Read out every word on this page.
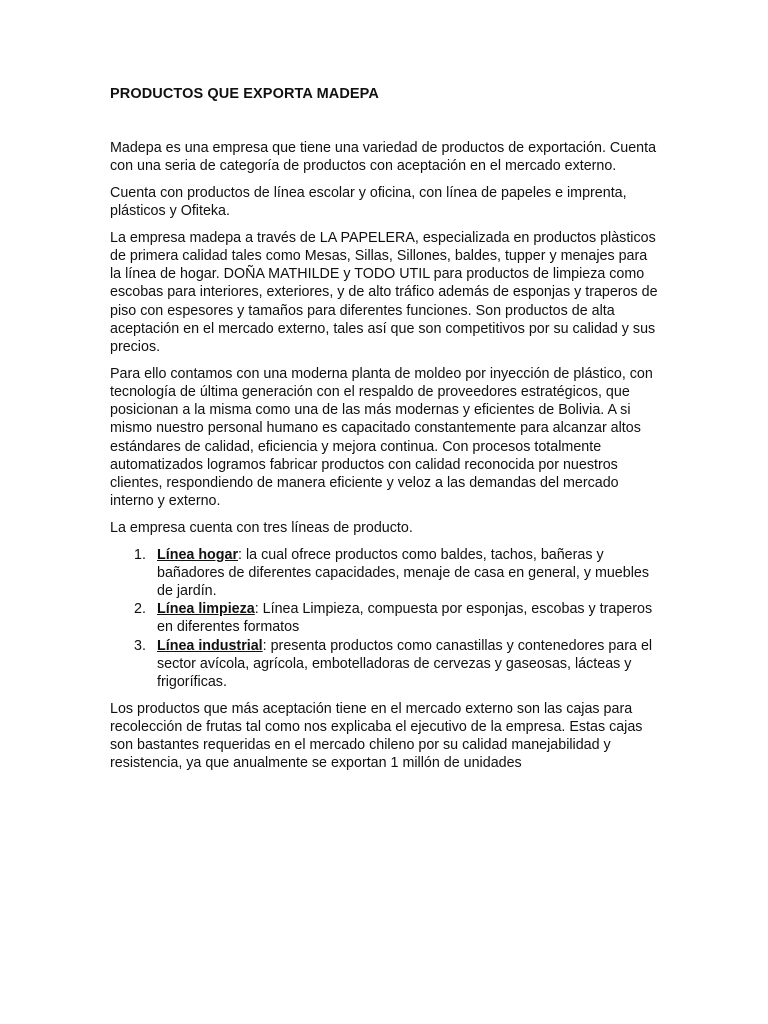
PRODUCTOS QUE EXPORTA MADEPA

Madepa es una empresa que tiene una variedad de productos de exportación. Cuenta con una seria de categoría de productos con aceptación en el mercado externo.

Cuenta con productos de línea escolar y oficina, con línea de papeles e imprenta, plásticos y Ofiteka.

La empresa madepa a través de LA PAPELERA, especializada en productos plàsticos de primera calidad tales como Mesas, Sillas, Sillones, baldes, tupper y menajes para la línea de hogar. DOÑA MATHILDE y TODO UTIL para productos de limpieza como escobas para interiores, exteriores, y de alto tráfico además de esponjas y traperos de piso con espesores y tamaños para diferentes funciones. Son productos de alta aceptación en el mercado externo, tales así que son competitivos por su calidad y sus precios.

Para ello contamos con una moderna planta de moldeo por inyección de plástico, con tecnología de última generación con el respaldo de proveedores estratégicos, que posicionan a la misma como una de las más modernas y eficientes de Bolivia. A si mismo nuestro personal humano es capacitado constantemente para alcanzar altos estándares de calidad, eficiencia y mejora continua. Con procesos totalmente automatizados logramos fabricar productos con calidad reconocida por nuestros clientes, respondiendo de manera eficiente y veloz a las demandas del mercado interno y externo.

La empresa cuenta con tres líneas de producto.

1. Línea hogar: la cual ofrece productos como baldes, tachos, bañeras y bañadores de diferentes capacidades, menaje de casa en general, y muebles de jardín.
2. Línea limpieza: Línea Limpieza, compuesta por esponjas, escobas y traperos en diferentes formatos
3. Línea industrial: presenta productos como canastillas y contenedores para el sector avícola, agrícola, embotelladoras de cervezas y gaseosas, lácteas y frigoríficas.

Los productos que más aceptación tiene en el mercado externo son las cajas para recolección de frutas tal como nos explicaba el ejecutivo de la empresa. Estas cajas son bastantes requeridas en el mercado chileno por su calidad manejabilidad y resistencia, ya que anualmente se exportan 1 millón de unidades
